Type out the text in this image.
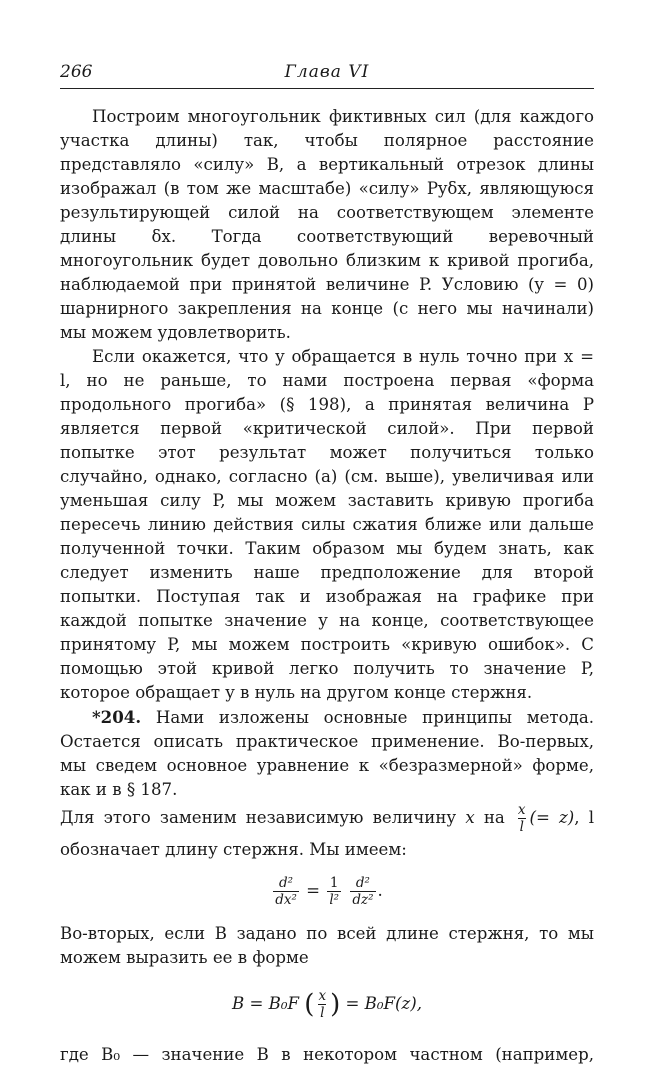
266	Глава VI

Построим многоугольник фиктивных сил (для каждого участка длины) так, чтобы полярное расстояние представляло «силу» B, а вертикальный отрезок длины изображал (в том же масштабе) «силу» Pyδx, являющуюся результирующей силой на соответствующем элементе длины δx. Тогда соответствующий веревочный многоугольник будет довольно близким к кривой прогиба, наблюдаемой при принятой величине P. Условию (y = 0) шарнирного закрепления на конце (с него мы начинали) мы можем удовлетворить.

Если окажется, что y обращается в нуль точно при x = l, но не раньше, то нами построена первая «форма продольного прогиба» (§ 198), а принятая величина P является первой «критической силой». При первой попытке этот результат может получиться только случайно, однако, согласно (a) (см. выше), увеличивая или уменьшая силу P, мы можем заставить кривую прогиба пересечь линию действия силы сжатия ближе или дальше полученной точки. Таким образом мы будем знать, как следует изменить наше предположение для второй попытки. Поступая так и изображая на графике при каждой попытке значение y на конце, соответствующее принятому P, мы можем построить «кривую ошибок». С помощью этой кривой легко получить то значение P, которое обращает y в нуль на другом конце стержня.

*204. Нами изложены основные принципы метода. Остается описать практическое применение. Во-первых, мы сведем основное уравнение к «безразмерной» форме, как и в § 187.

Для этого заменим независимую величину x на $\frac{x}{l}$ (= z), l обозначает длину стержня. Мы имеем:

$\frac{\text{d²}}{\text{dx²}} = \frac{1}{\text{l²}}$
$\frac{\text{d²}}{\text{dz²}}$ .

Во-вторых, если B задано по всей длине стержня, то мы можем выразить ее в форме

B = B₀F ( $\frac{x}{l}$ ) = B₀F(z),

где B₀ — значение B в некотором частном (например,
